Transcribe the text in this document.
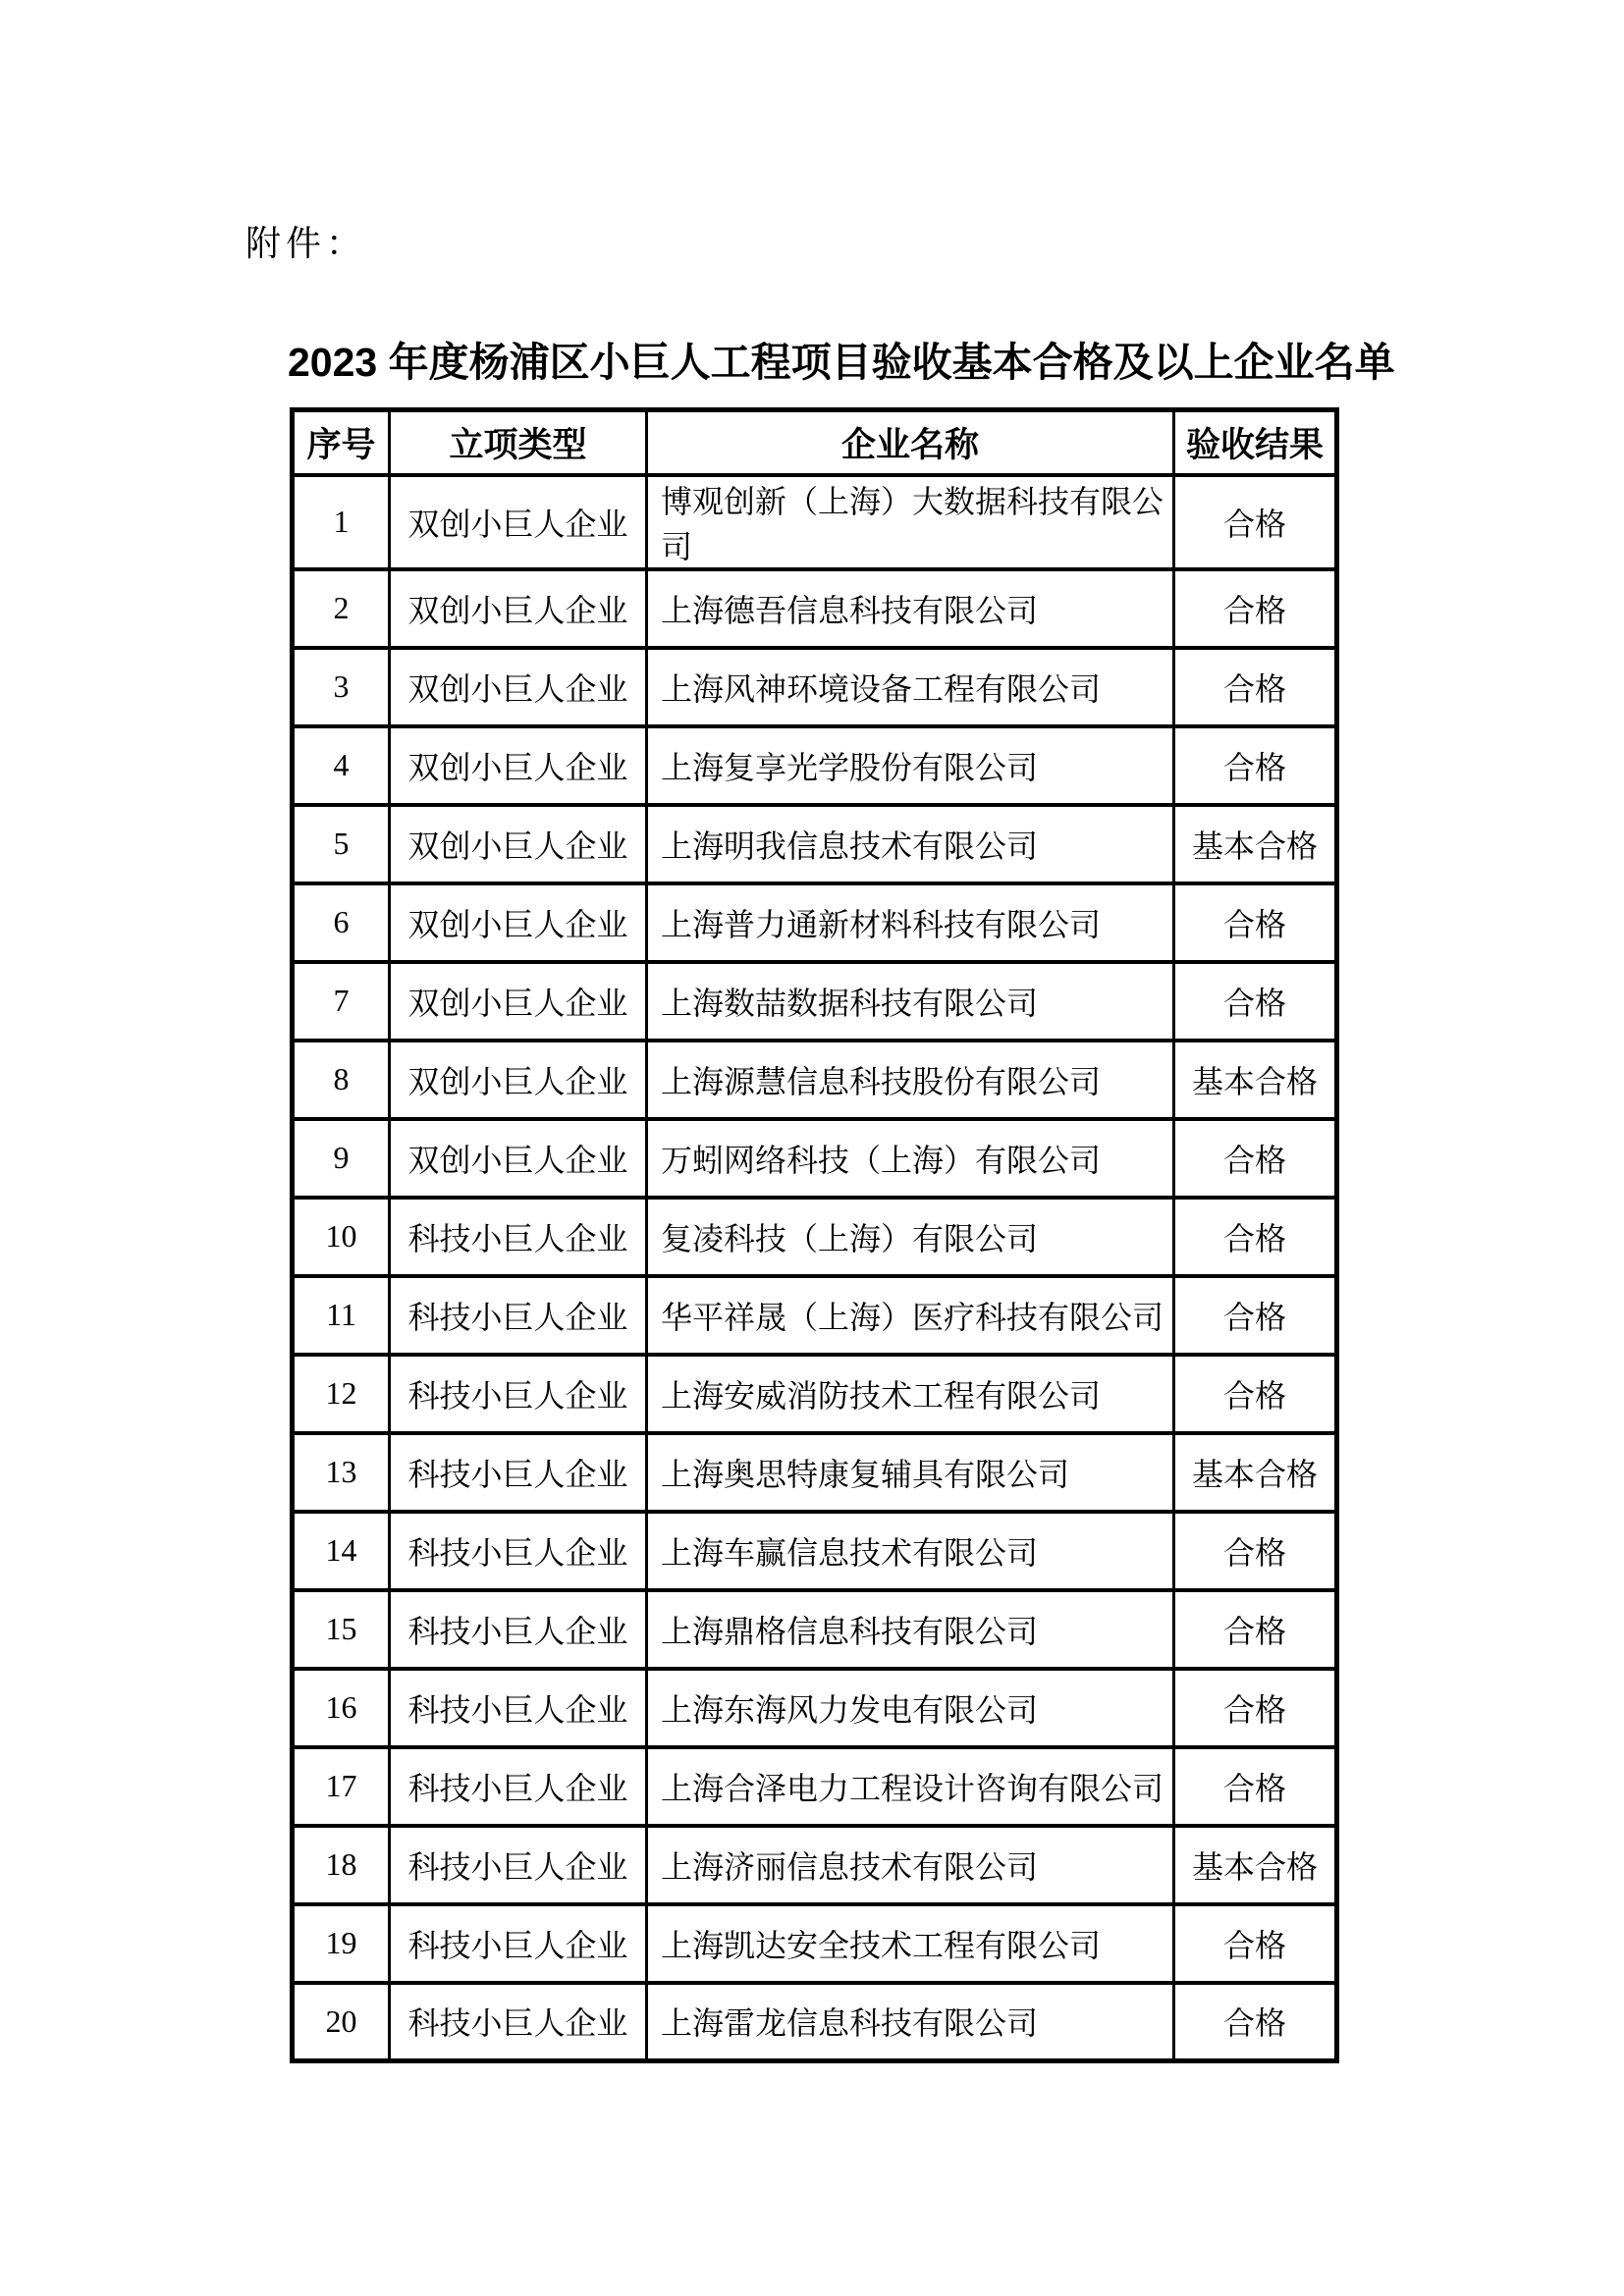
附件：
2023 年度杨浦区小巨人工程项目验收基本合格及以上企业名单
序号	立项类型	企业名称	验收结果
1	双创小巨人企业	博观创新（上海）大数据科技有限公司	合格
2	双创小巨人企业	上海德吾信息科技有限公司	合格
3	双创小巨人企业	上海风神环境设备工程有限公司	合格
4	双创小巨人企业	上海复享光学股份有限公司	合格
5	双创小巨人企业	上海明我信息技术有限公司	基本合格
6	双创小巨人企业	上海普力通新材料科技有限公司	合格
7	双创小巨人企业	上海数喆数据科技有限公司	合格
8	双创小巨人企业	上海源慧信息科技股份有限公司	基本合格
9	双创小巨人企业	万蚓网络科技（上海）有限公司	合格
10	科技小巨人企业	复凌科技（上海）有限公司	合格
11	科技小巨人企业	华平祥晟（上海）医疗科技有限公司	合格
12	科技小巨人企业	上海安威消防技术工程有限公司	合格
13	科技小巨人企业	上海奥思特康复辅具有限公司	基本合格
14	科技小巨人企业	上海车赢信息技术有限公司	合格
15	科技小巨人企业	上海鼎格信息科技有限公司	合格
16	科技小巨人企业	上海东海风力发电有限公司	合格
17	科技小巨人企业	上海合泽电力工程设计咨询有限公司	合格
18	科技小巨人企业	上海济丽信息技术有限公司	基本合格
19	科技小巨人企业	上海凯达安全技术工程有限公司	合格
20	科技小巨人企业	上海雷龙信息科技有限公司	合格
